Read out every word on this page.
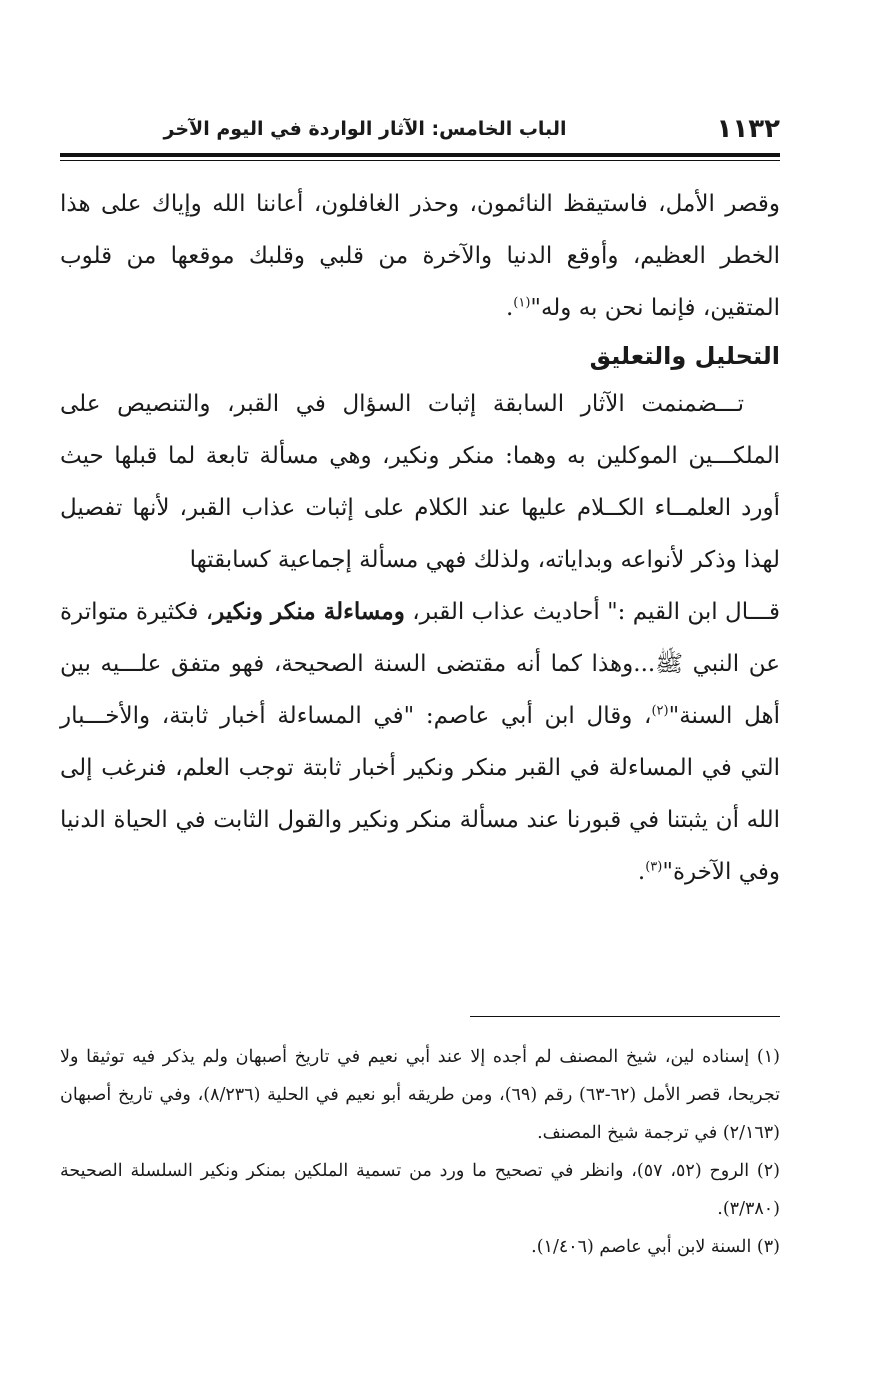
١١٣٢
الباب الخامس: الآثار الواردة في اليوم الآخر

وقصر الأمل، فاستيقظ النائمون، وحذر الغافلون، أعاننا الله وإياك على هذا الخطر العظيم، وأوقع الدنيا والآخرة من قلبي وقلبك موقعها من قلوب المتقين، فإنما نحن به وله"$^{(١)}$.

التحليل والتعليق

تـــضمنمت الآثار السابقة إثبات السؤال في القبر، والتنصيص على الملكـــين الموكلين به وهما: منكر ونكير، وهي مسألة تابعة لما قبلها حيث أورد العلمــاء الكــلام عليها عند الكلام على إثبات عذاب القبر، لأنها تفصيل لهذا وذكر لأنواعه وبداياته، ولذلك فهي مسألة إجماعية كسابقتها

قـــال ابن القيم :" أحاديث عذاب القبر، ومساءلة منكر ونكير، فكثيرة متواترة عن النبي ﷺ...وهذا كما أنه مقتضى السنة الصحيحة، فهو متفق علـــيه بين أهل السنة"$^{(٢)}$، وقال ابن أبي عاصم: "في المساءلة أخبار ثابتة، والأخـــبار التي في المساءلة في القبر منكر ونكير أخبار ثابتة توجب العلم، فنرغب إلى الله أن يثبتنا في قبورنا عند مسألة منكر ونكير والقول الثابت في الحياة الدنيا وفي الآخرة"$^{(٣)}$.

(١) إسناده لين، شيخ المصنف لم أجده إلا عند أبي نعيم في تاريخ أصبهان ولم يذكر فيه توثيقا ولا تجريحا، قصر الأمل (٦٢-٦٣) رقم (٦٩)، ومن طريقه أبو نعيم في الحلية (٨/٢٣٦)، وفي تاريخ أصبهان (٢/١٦٣) في ترجمة شيخ المصنف.

(٢) الروح (٥٢، ٥٧)، وانظر في تصحيح ما ورد من تسمية الملكين بمنكر ونكير السلسلة الصحيحة (٣/٣٨٠).

(٣) السنة لابن أبي عاصم (١/٤٠٦).
